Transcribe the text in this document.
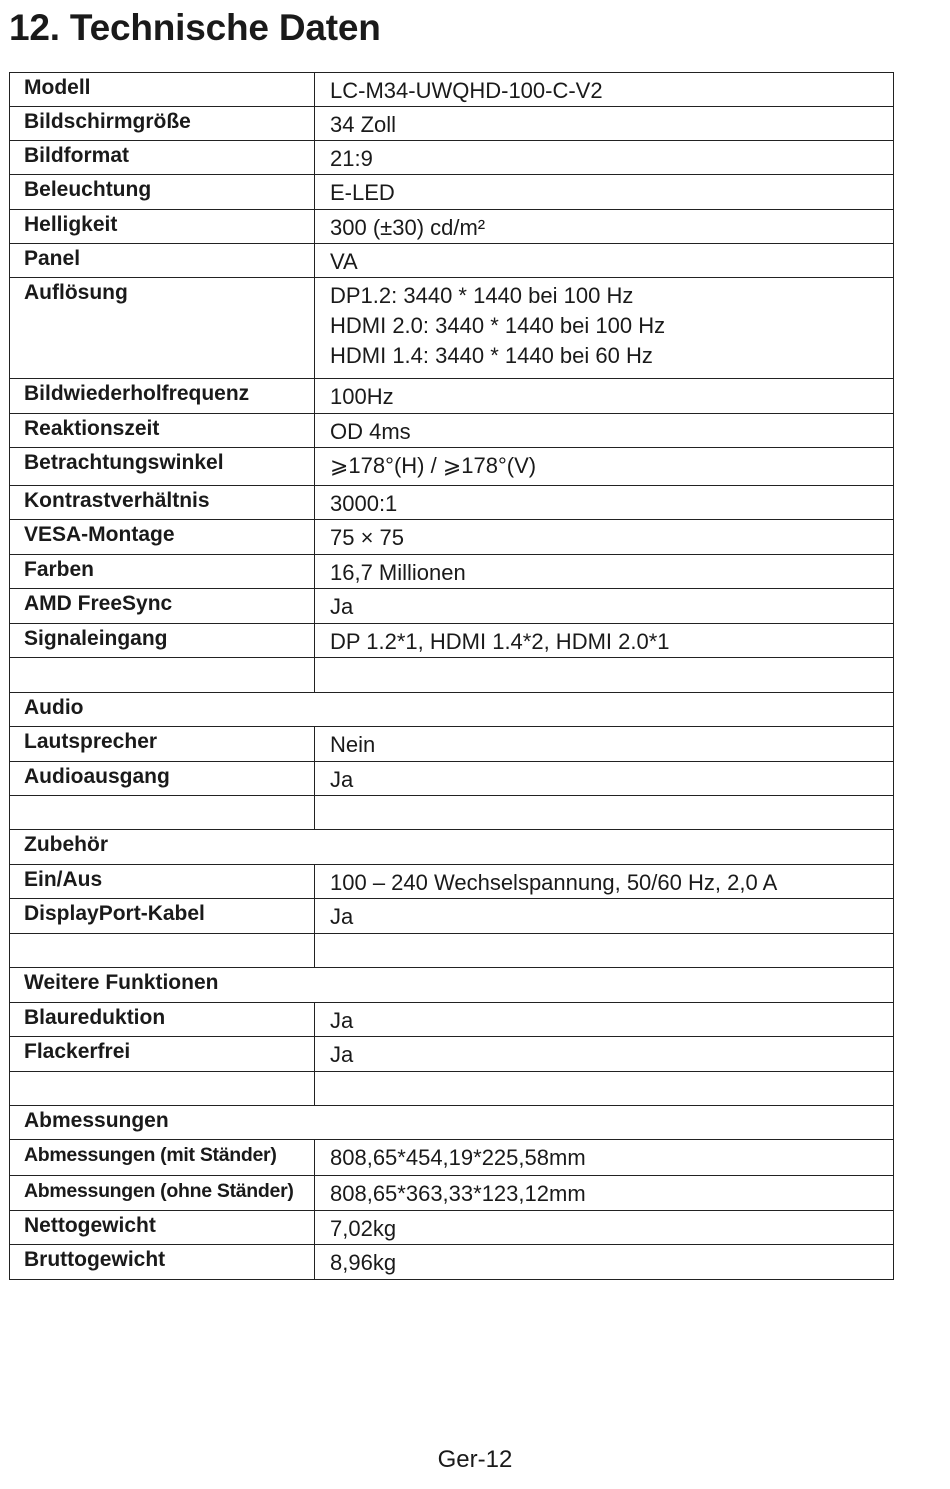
12. Technische Daten
Modell	LC-M34-UWQHD-100-C-V2

Bildschirmgröße	34 Zoll

Bildformat	21:9

Beleuchtung	E-LED

Helligkeit	300 (±30) cd/m²

Panel	VA

Auflösung	DP1.2: 3440 * 1440 bei 100 Hz
HDMI 2.0: 3440 * 1440 bei 100 Hz
HDMI 1.4: 3440 * 1440 bei 60 Hz

Bildwiederholfrequenz	100Hz

Reaktionszeit	OD 4ms

Betrachtungswinkel	⩾178°(H) / ⩾178°(V)

Kontrastverhältnis	3000:1

VESA-Montage	75 × 75

Farben	16,7 Millionen

AMD FreeSync	Ja

Signaleingang	DP 1.2*1, HDMI 1.4*2, HDMI 2.0*1

Audio	
Lautsprecher	Nein

Audioausgang	Ja

Zubehör	
Ein/Aus	100 – 240 Wechselspannung, 50/60 Hz, 2,0 A

DisplayPort-Kabel	Ja

Weitere Funktionen	
Blaureduktion	Ja

Flackerfrei	Ja

Abmessungen	
Abmessungen (mit Ständer)	808,65*454,19*225,58mm

Abmessungen (ohne Ständer)	808,65*363,33*123,12mm

Nettogewicht	7,02kg

Bruttogewicht	8,96kg
Ger-12
